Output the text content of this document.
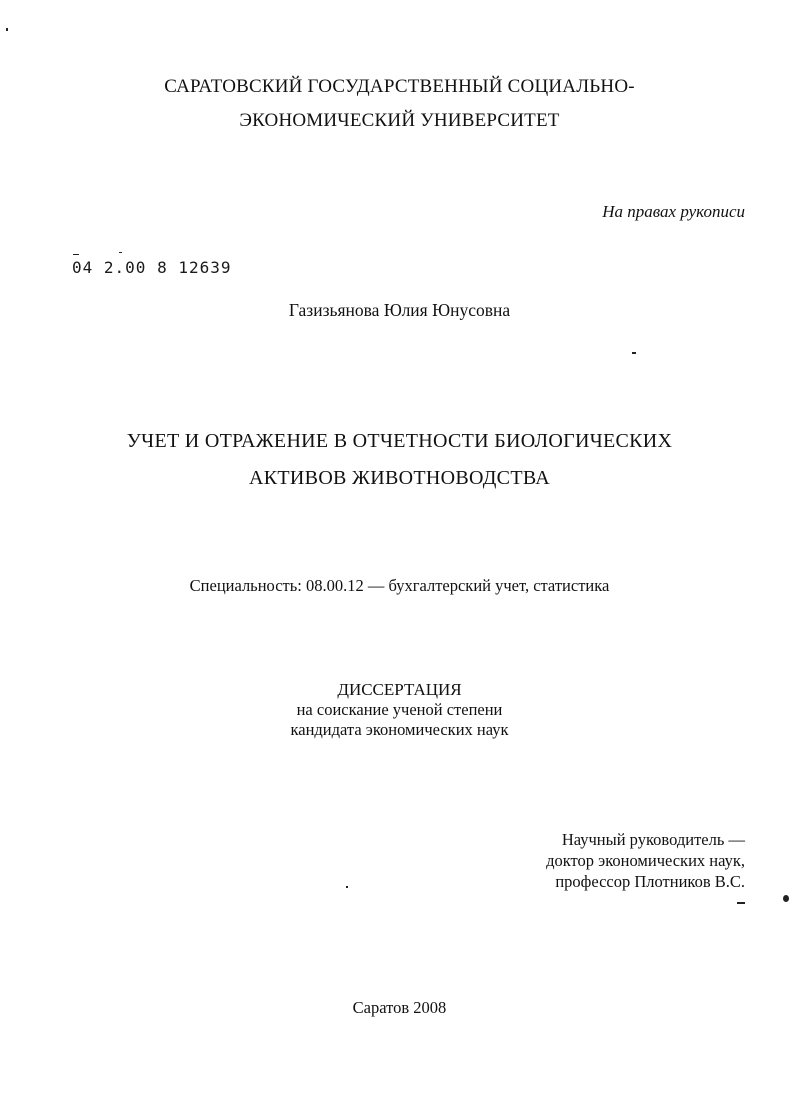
САРАТОВСКИЙ ГОСУДАРСТВЕННЫЙ СОЦИАЛЬНО-
ЭКОНОМИЧЕСКИЙ УНИВЕРСИТЕТ
На правах рукописи
04 2.00 8 12639
Газизьянова Юлия Юнусовна
УЧЕТ И ОТРАЖЕНИЕ В ОТЧЕТНОСТИ БИОЛОГИЧЕСКИХ
АКТИВОВ ЖИВОТНОВОДСТВА
Специальность: 08.00.12 — бухгалтерский учет, статистика
ДИССЕРТАЦИЯ
на соискание ученой степени
кандидата экономических наук
Научный руководитель —
доктор экономических наук,
профессор Плотников В.С.
Саратов 2008
